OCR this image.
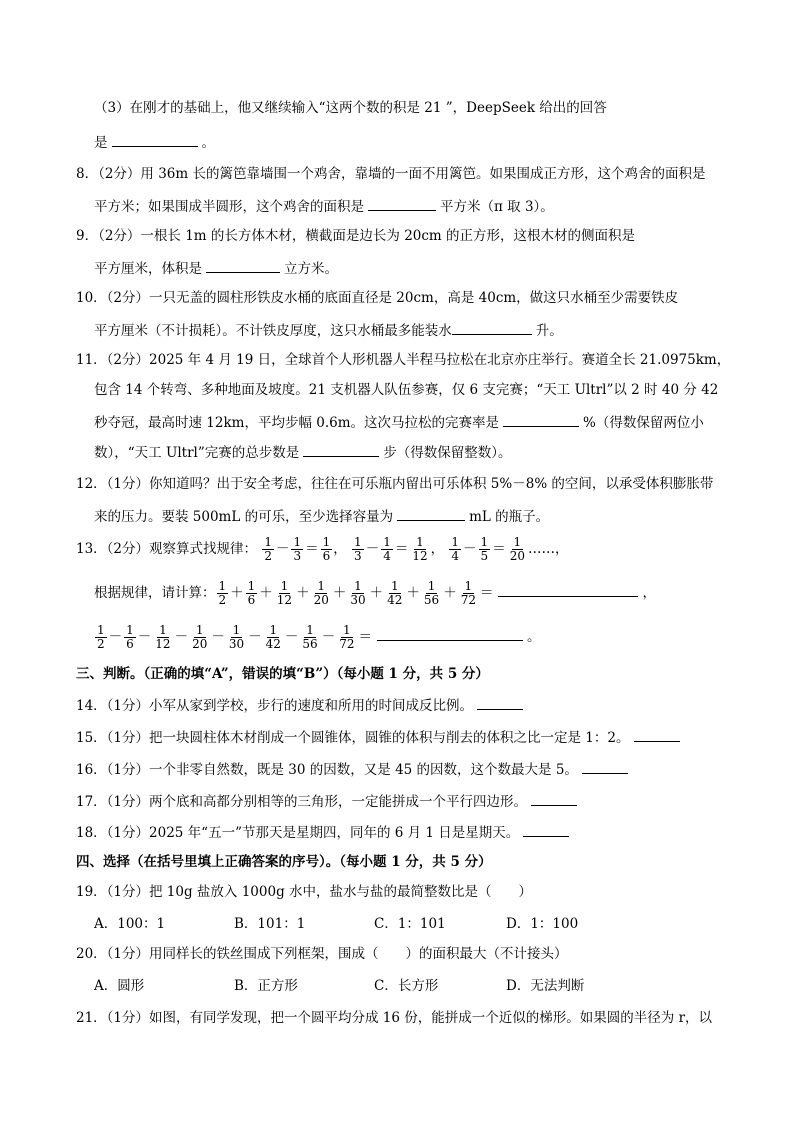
（3）在刚才的基础上，他又继续输入“这两个数的积是 21 ”，DeepSeek 给出的回答
是	。
8．（2分）用 36m 长的篱笆靠墙围一个鸡舍，靠墙的一面不用篱笆。如果围成正方形，这个鸡舍的面积是
平方米；如果围成半圆形，这个鸡舍的面积是	平方米（π 取 3）。
9．（2分）一根长 1m 的长方体木材，横截面是边长为 20cm 的正方形，这根木材的侧面积是
平方厘米，体积是	立方米。
10．（2分）一只无盖的圆柱形铁皮水桶的底面直径是 20cm，高是 40cm，做这只水桶至少需要铁皮
平方厘米（不计损耗）。不计铁皮厚度，这只水桶最多能装水	升。
11．（2分）2025 年 4 月 19 日，全球首个人形机器人半程马拉松在北京亦庄举行。赛道全长 21.0975km，
包含 14 个转弯、多种地面及坡度。21 支机器人队伍参赛，仅 6 支完赛；“天工 Ultrl”以 2 时 40 分 42
秒夺冠，最高时速 12km，平均步幅 0.6m。这次马拉松的完赛率是	%（得数保留两位小
数），“天工 Ultrl”完赛的总步数是	步（得数保留整数）。
12．（1分）你知道吗？出于安全考虑，往往在可乐瓶内留出可乐体积 5%－8% 的空间，以承受体积膨胀带
来的压力。要装 500mL 的可乐，至少选择容量为	mL 的瓶子。
13．（2分）观察算式找规律： $\frac{1}{2} - \frac{1}{3} = \frac{1}{6}$ ， $\frac{1}{3} - \frac{1}{4} = \frac{1}{12}$ ， $\frac{1}{4} - \frac{1}{5} = \frac{1}{20}$ ……，
根据规律，请计算： $\frac{1}{2} + \frac{1}{6} + \frac{1}{12} + \frac{1}{20} + \frac{1}{30} + \frac{1}{42} + \frac{1}{56} + \frac{1}{72}$ ＝	，
$\frac{1}{2} - \frac{1}{6} - \frac{1}{12} - \frac{1}{20} - \frac{1}{30} - \frac{1}{42} - \frac{1}{56} - \frac{1}{72}$ ＝	。
三、判断。（正确的填“A”，错误的填“B”）（每小题 1 分，共 5 分）
14．（1分）小军从家到学校，步行的速度和所用的时间成反比例。
15．（1分）把一块圆柱体木材削成一个圆锥体，圆锥的体积与削去的体积之比一定是 1：2。
16．（1分）一个非零自然数，既是 30 的因数，又是 45 的因数，这个数最大是 5。
17．（1分）两个底和高都分别相等的三角形，一定能拼成一个平行四边形。
18．（1分）2025 年“五一”节那天是星期四，同年的 6 月 1 日是星期天。
四、选择（在括号里填上正确答案的序号）。（每小题 1 分，共 5 分）
19．（1分）把 10g 盐放入 1000g 水中，盐水与盐的最简整数比是（　　）
A．100：1	B．101：1	C．1：101	D．1：100
20．（1分）用同样长的铁丝围成下列框架，围成（　　）的面积最大（不计接头）
A．圆形	B．正方形	C．长方形	D．无法判断
21．（1分）如图，有同学发现，把一个圆平均分成 16 份，能拼成一个近似的梯形。如果圆的半径为 r，以
